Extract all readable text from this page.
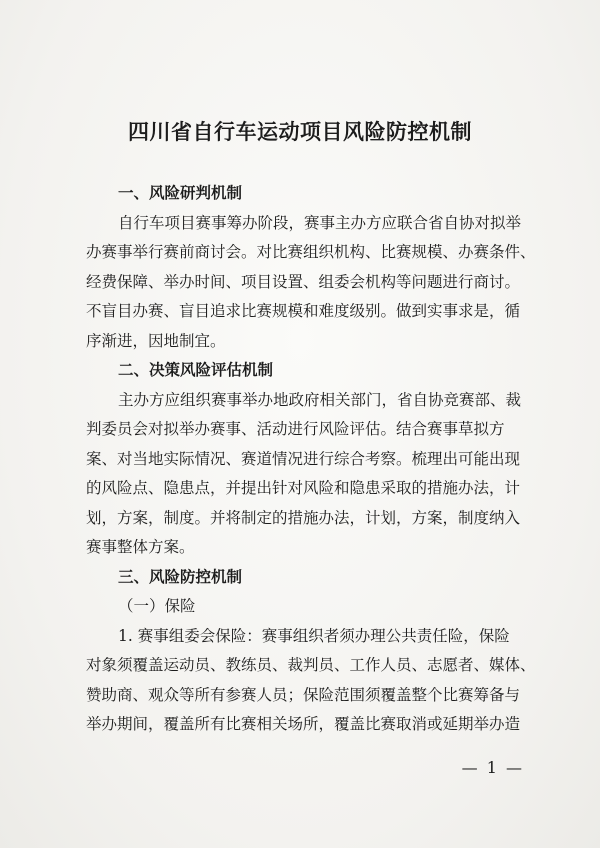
四川省自行车运动项目风险防控机制
一、风险研判机制
自行车项目赛事筹办阶段，赛事主办方应联合省自协对拟举
办赛事举行赛前商讨会。对比赛组织机构、比赛规模、办赛条件、
经费保障、举办时间、项目设置、组委会机构等问题进行商讨。
不盲目办赛、盲目追求比赛规模和难度级别。做到实事求是，循
序渐进，因地制宜。
二、决策风险评估机制
主办方应组织赛事举办地政府相关部门，省自协竞赛部、裁
判委员会对拟举办赛事、活动进行风险评估。结合赛事草拟方
案、对当地实际情况、赛道情况进行综合考察。梳理出可能出现
的风险点、隐患点，并提出针对风险和隐患采取的措施办法，计
划，方案，制度。并将制定的措施办法，计划，方案，制度纳入
赛事整体方案。
三、风险防控机制
（一）保险
1. 赛事组委会保险：赛事组织者须办理公共责任险，保险
对象须覆盖运动员、教练员、裁判员、工作人员、志愿者、媒体、
赞助商、观众等所有参赛人员；保险范围须覆盖整个比赛筹备与
举办期间，覆盖所有比赛相关场所，覆盖比赛取消或延期举办造
— 1 —
